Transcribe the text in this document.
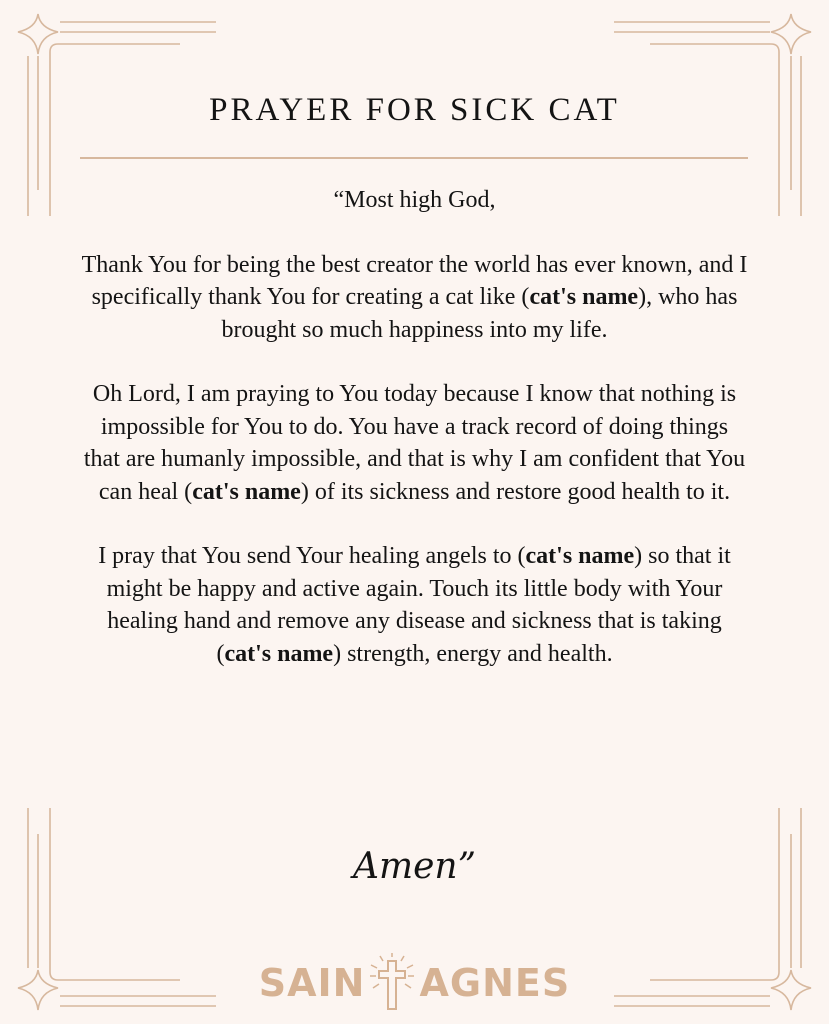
PRAYER FOR SICK CAT

“Most high God,

Thank You for being the best creator the world has ever known, and I specifically thank You for creating a cat like (cat's name), who has brought so much happiness into my life.

Oh Lord, I am praying to You today because I know that nothing is impossible for You to do. You have a track record of doing things that are humanly impossible, and that is why I am confident that You can heal (cat's name) of its sickness and restore good health to it.

I pray that You send Your healing angels to (cat's name) so that it might be happy and active again. Touch its little body with Your healing hand and remove any disease and sickness that is taking (cat's name) strength, energy and health.

Amen”
SAIN AGNES
